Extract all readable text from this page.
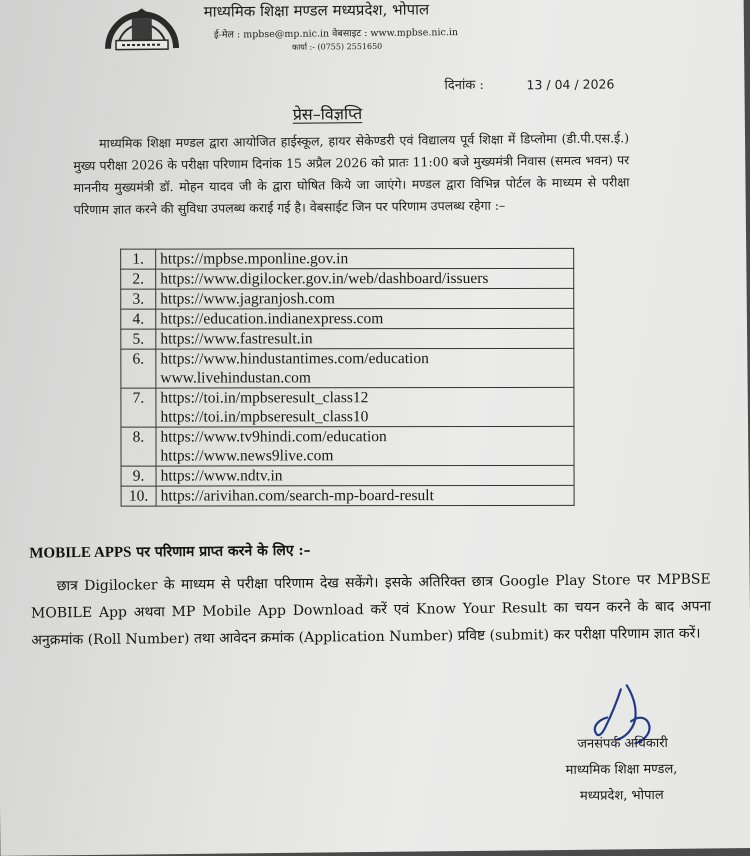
माध्यमिक शिक्षा मण्डल मध्यप्रदेश, भोपाल
ई-मेल : mpbse@mp.nic.in वेबसाइट : www.mpbse.nic.in
कार्या :- (0755) 2551650
दिनांक :	13 / 04 / 2026
प्रेस–विज्ञप्ति
माध्यमिक शिक्षा मण्डल द्वारा आयोजित हाईस्कूल, हायर सेकेण्डरी एवं विद्यालय पूर्व शिक्षा में डिप्लोमा (डी.पी.एस.ई.) मुख्य परीक्षा 2026 के परीक्षा परिणाम दिनांक 15 अप्रैल 2026 को प्रातः 11:00 बजे मुख्यमंत्री निवास (समत्व भवन) पर माननीय मुख्यमंत्री डॉ. मोहन यादव जी के द्वारा घोषित किये जा जाएंगे। मण्डल द्वारा विभिन्न पोर्टल के माध्यम से परीक्षा परिणाम ज्ञात करने की सुविधा उपलब्ध कराई गई है। वेबसाईट जिन पर परिणाम उपलब्ध रहेगा :–
1.	https://mpbse.mponline.gov.in

2.	https://www.digilocker.gov.in/web/dashboard/issuers

3.	https://www.jagranjosh.com

4.	https://education.indianexpress.com

5.	https://www.fastresult.in

6.	https://www.hindustantimes.com/education
www.livehindustan.com

7.	https://toi.in/mpbseresult_class12
https://toi.in/mpbseresult_class10

8.	https://www.tv9hindi.com/education
https://www.news9live.com

9.	https://www.ndtv.in

10.	https://arivihan.com/search-mp-board-result
MOBILE APPS पर परिणाम प्राप्त करने के लिए :–
छात्र Digilocker के माध्यम से परीक्षा परिणाम देख सकेंगे। इसके अतिरिक्त छात्र Google Play Store पर MPBSE MOBILE App अथवा MP Mobile App Download करें एवं Know Your Result का चयन करने के बाद अपना अनुक्रमांक (Roll Number) तथा आवेदन क्रमांक (Application Number) प्रविष्ट (submit) कर परीक्षा परिणाम ज्ञात करें।
जनसंपर्क अधिकारी
माध्यमिक शिक्षा मण्डल,
मध्यप्रदेश, भोपाल
